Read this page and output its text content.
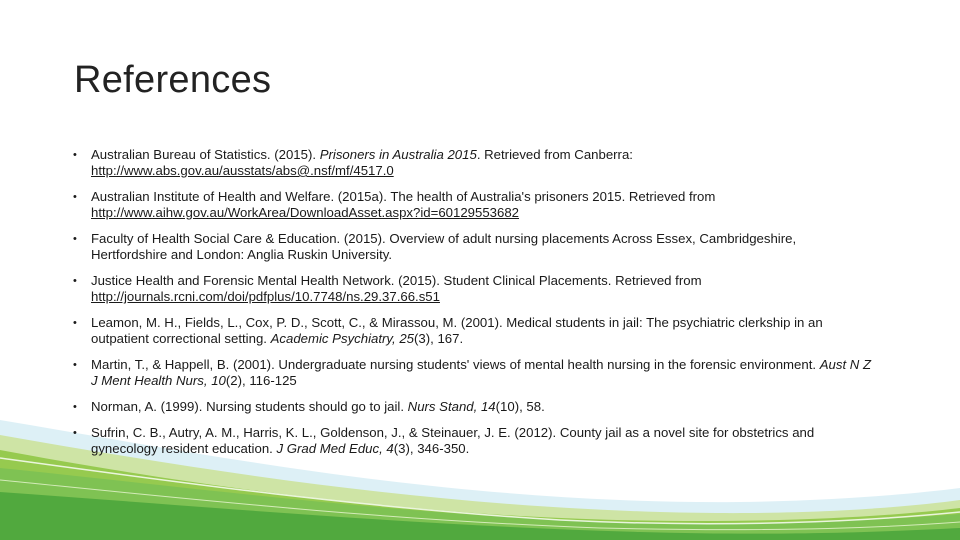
References
• Australian Bureau of Statistics. (2015). Prisoners in Australia 2015. Retrieved from Canberra:
http://www.abs.gov.au/ausstats/abs@.nsf/mf/4517.0
• Australian Institute of Health and Welfare. (2015a). The health of Australia's prisoners 2015. Retrieved from
http://www.aihw.gov.au/WorkArea/DownloadAsset.aspx?id=60129553682
• Faculty of Health Social Care & Education. (2015). Overview of adult nursing placements Across Essex, Cambridgeshire, Hertfordshire and London: Anglia Ruskin University.
• Justice Health and Forensic Mental Health Network. (2015). Student Clinical Placements. Retrieved from
http://journals.rcni.com/doi/pdfplus/10.7748/ns.29.37.66.s51
• Leamon, M. H., Fields, L., Cox, P. D., Scott, C., & Mirassou, M. (2001). Medical students in jail: The psychiatric clerkship in an outpatient correctional setting. Academic Psychiatry, 25(3), 167.
• Martin, T., & Happell, B. (2001). Undergraduate nursing students' views of mental health nursing in the forensic environment. Aust N Z J Ment Health Nurs, 10(2), 116-125
• Norman, A. (1999). Nursing students should go to jail. Nurs Stand, 14(10), 58.
• Sufrin, C. B., Autry, A. M., Harris, K. L., Goldenson, J., & Steinauer, J. E. (2012). County jail as a novel site for obstetrics and gynecology resident education. J Grad Med Educ, 4(3), 346-350.
